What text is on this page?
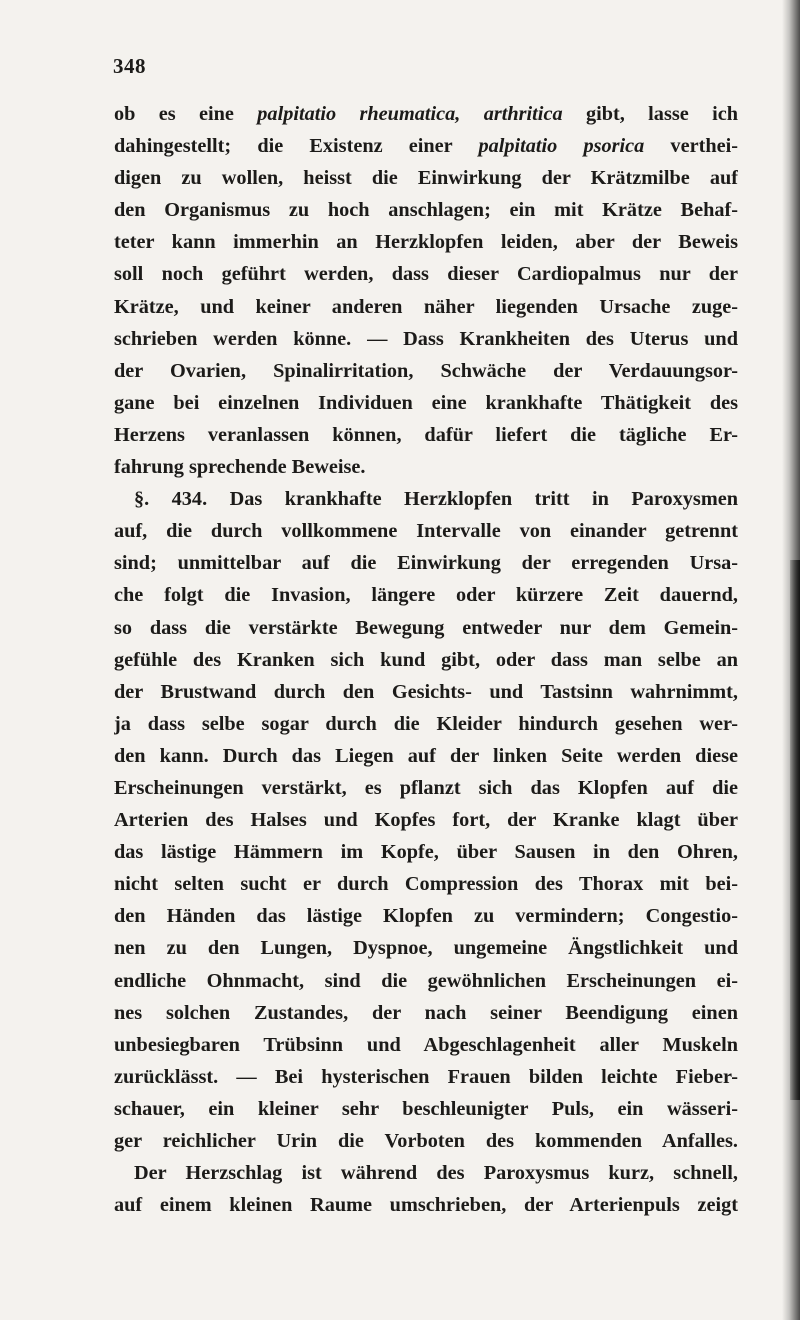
348
ob es eine palpitatio rheumatica, arthritica gibt, lasse ich
dahingestellt; die Existenz einer palpitatio psorica verthei-
digen zu wollen, heisst die Einwirkung der Krätzmilbe auf
den Organismus zu hoch anschlagen; ein mit Krätze Behaf-
teter kann immerhin an Herzklopfen leiden, aber der Beweis
soll noch geführt werden, dass dieser Cardiopalmus nur der
Krätze, und keiner anderen näher liegenden Ursache zuge-
schrieben werden könne. — Dass Krankheiten des Uterus und
der Ovarien, Spinalirritation, Schwäche der Verdauungsor-
gane bei einzelnen Individuen eine krankhafte Thätigkeit des
Herzens veranlassen können, dafür liefert die tägliche Er-
fahrung sprechende Beweise.
§. 434. Das krankhafte Herzklopfen tritt in Paroxysmen
auf, die durch vollkommene Intervalle von einander getrennt
sind; unmittelbar auf die Einwirkung der erregenden Ursa-
che folgt die Invasion, längere oder kürzere Zeit dauernd,
so dass die verstärkte Bewegung entweder nur dem Gemein-
gefühle des Kranken sich kund gibt, oder dass man selbe an
der Brustwand durch den Gesichts- und Tastsinn wahrnimmt,
ja dass selbe sogar durch die Kleider hindurch gesehen wer-
den kann. Durch das Liegen auf der linken Seite werden diese
Erscheinungen verstärkt, es pflanzt sich das Klopfen auf die
Arterien des Halses und Kopfes fort, der Kranke klagt über
das lästige Hämmern im Kopfe, über Sausen in den Ohren,
nicht selten sucht er durch Compression des Thorax mit bei-
den Händen das lästige Klopfen zu vermindern; Congestio-
nen zu den Lungen, Dyspnoe, ungemeine Ängstlichkeit und
endliche Ohnmacht, sind die gewöhnlichen Erscheinungen ei-
nes solchen Zustandes, der nach seiner Beendigung einen
unbesiegbaren Trübsinn und Abgeschlagenheit aller Muskeln
zurücklässt. — Bei hysterischen Frauen bilden leichte Fieber-
schauer, ein kleiner sehr beschleunigter Puls, ein wässeri-
ger reichlicher Urin die Vorboten des kommenden Anfalles.
Der Herzschlag ist während des Paroxysmus kurz, schnell,
auf einem kleinen Raume umschrieben, der Arterienpuls zeigt
